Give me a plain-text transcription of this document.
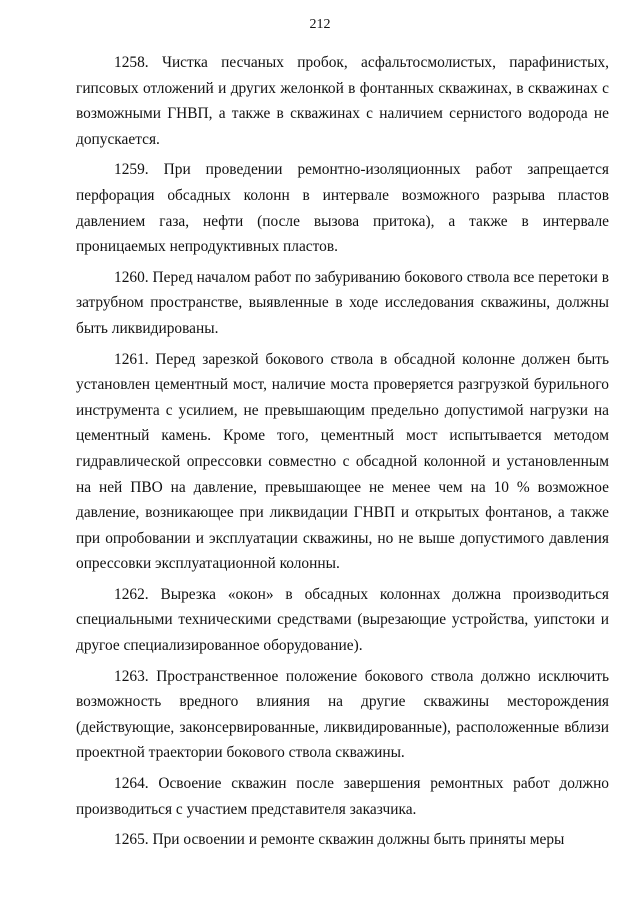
212

1258. Чистка песчаных пробок, асфальтосмолистых, парафинистых, гипсовых отложений и других желонкой в фонтанных скважинах, в скважинах с возможными ГНВП, а также в скважинах с наличием сернистого водорода не допускается.

1259. При проведении ремонтно-изоляционных работ запрещается перфорация обсадных колонн в интервале возможного разрыва пластов давлением газа, нефти (после вызова притока), а также в интервале проницаемых непродуктивных пластов.

1260. Перед началом работ по забуриванию бокового ствола все перетоки в затрубном пространстве, выявленные в ходе исследования скважины, должны быть ликвидированы.

1261. Перед зарезкой бокового ствола в обсадной колонне должен быть установлен цементный мост, наличие моста проверяется разгрузкой бурильного инструмента с усилием, не превышающим предельно допустимой нагрузки на цементный камень. Кроме того, цементный мост испытывается методом гидравлической опрессовки совместно с обсадной колонной и установленным на ней ПВО на давление, превышающее не менее чем на 10 % возможное давление, возникающее при ликвидации ГНВП и открытых фонтанов, а также при опробовании и эксплуатации скважины, но не выше допустимого давления опрессовки эксплуатационной колонны.

1262. Вырезка «окон» в обсадных колоннах должна производиться специальными техническими средствами (вырезающие устройства, уипстоки и другое специализированное оборудование).

1263. Пространственное положение бокового ствола должно исключить возможность вредного влияния на другие скважины месторождения (действующие, законсервированные, ликвидированные), расположенные вблизи проектной траектории бокового ствола скважины.

1264. Освоение скважин после завершения ремонтных работ должно производиться с участием представителя заказчика.

1265. При освоении и ремонте скважин должны быть приняты меры
